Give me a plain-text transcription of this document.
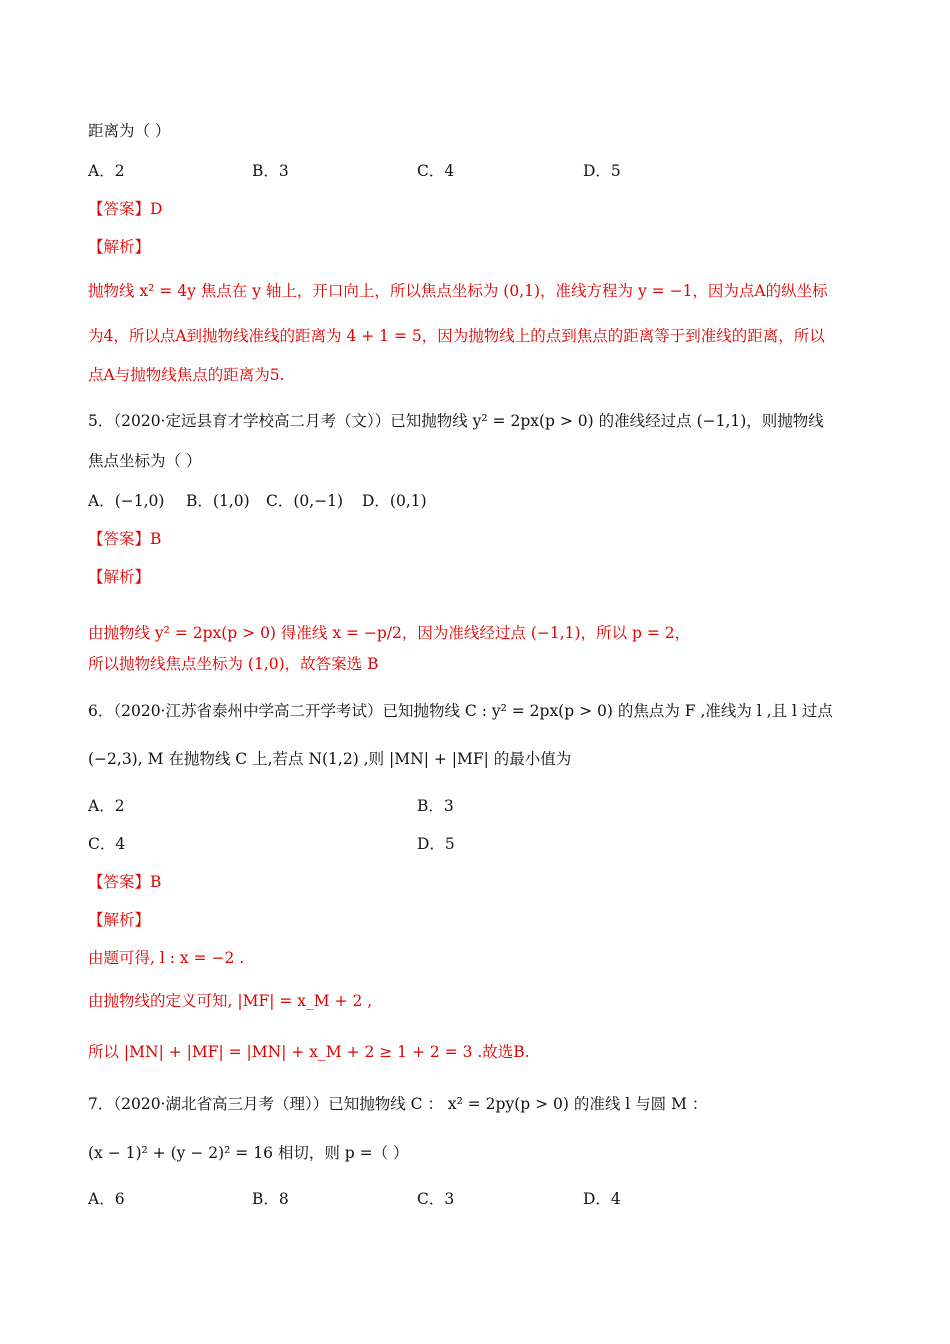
距离为（ ）
A．2	B．3	C．4	D．5
【答案】D
【解析】
抛物线 x² = 4y 焦点在 y 轴上，开口向上，所以焦点坐标为 (0,1)，准线方程为 y = −1，因为点A的纵坐标
为4，所以点A到抛物线准线的距离为 4 + 1 = 5，因为抛物线上的点到焦点的距离等于到准线的距离，所以
点A与抛物线焦点的距离为5.
5．（2020·定远县育才学校高二月考（文））已知抛物线 y² = 2px(p > 0) 的准线经过点 (−1,1)，则抛物线
焦点坐标为（ ）
A．(−1,0) B．(1,0) C．(0,−1) D．(0,1)
【答案】B
【解析】
由抛物线 y² = 2px(p > 0) 得准线 x = −p/2，因为准线经过点 (−1,1)，所以 p = 2，
所以抛物线焦点坐标为 (1,0)，故答案选 B
6．（2020·江苏省泰州中学高二开学考试）已知抛物线 C : y² = 2px(p > 0) 的焦点为 F ,准线为 l ,且 l 过点
(−2,3), M 在抛物线 C 上,若点 N(1,2) ,则 |MN| + |MF| 的最小值为
A．2	B．3
C．4	D．5
【答案】B
【解析】
由题可得, l : x = −2 .
由抛物线的定义可知, |MF| = x_M + 2 ,
所以 |MN| + |MF| = |MN| + x_M + 2 ≥ 1 + 2 = 3 .故选B.
7．（2020·湖北省高三月考（理））已知抛物线 C ： x² = 2py(p > 0) 的准线 l 与圆 M ：
(x − 1)² + (y − 2)² = 16 相切，则 p =（ ）
A．6	B．8	C．3	D．4
